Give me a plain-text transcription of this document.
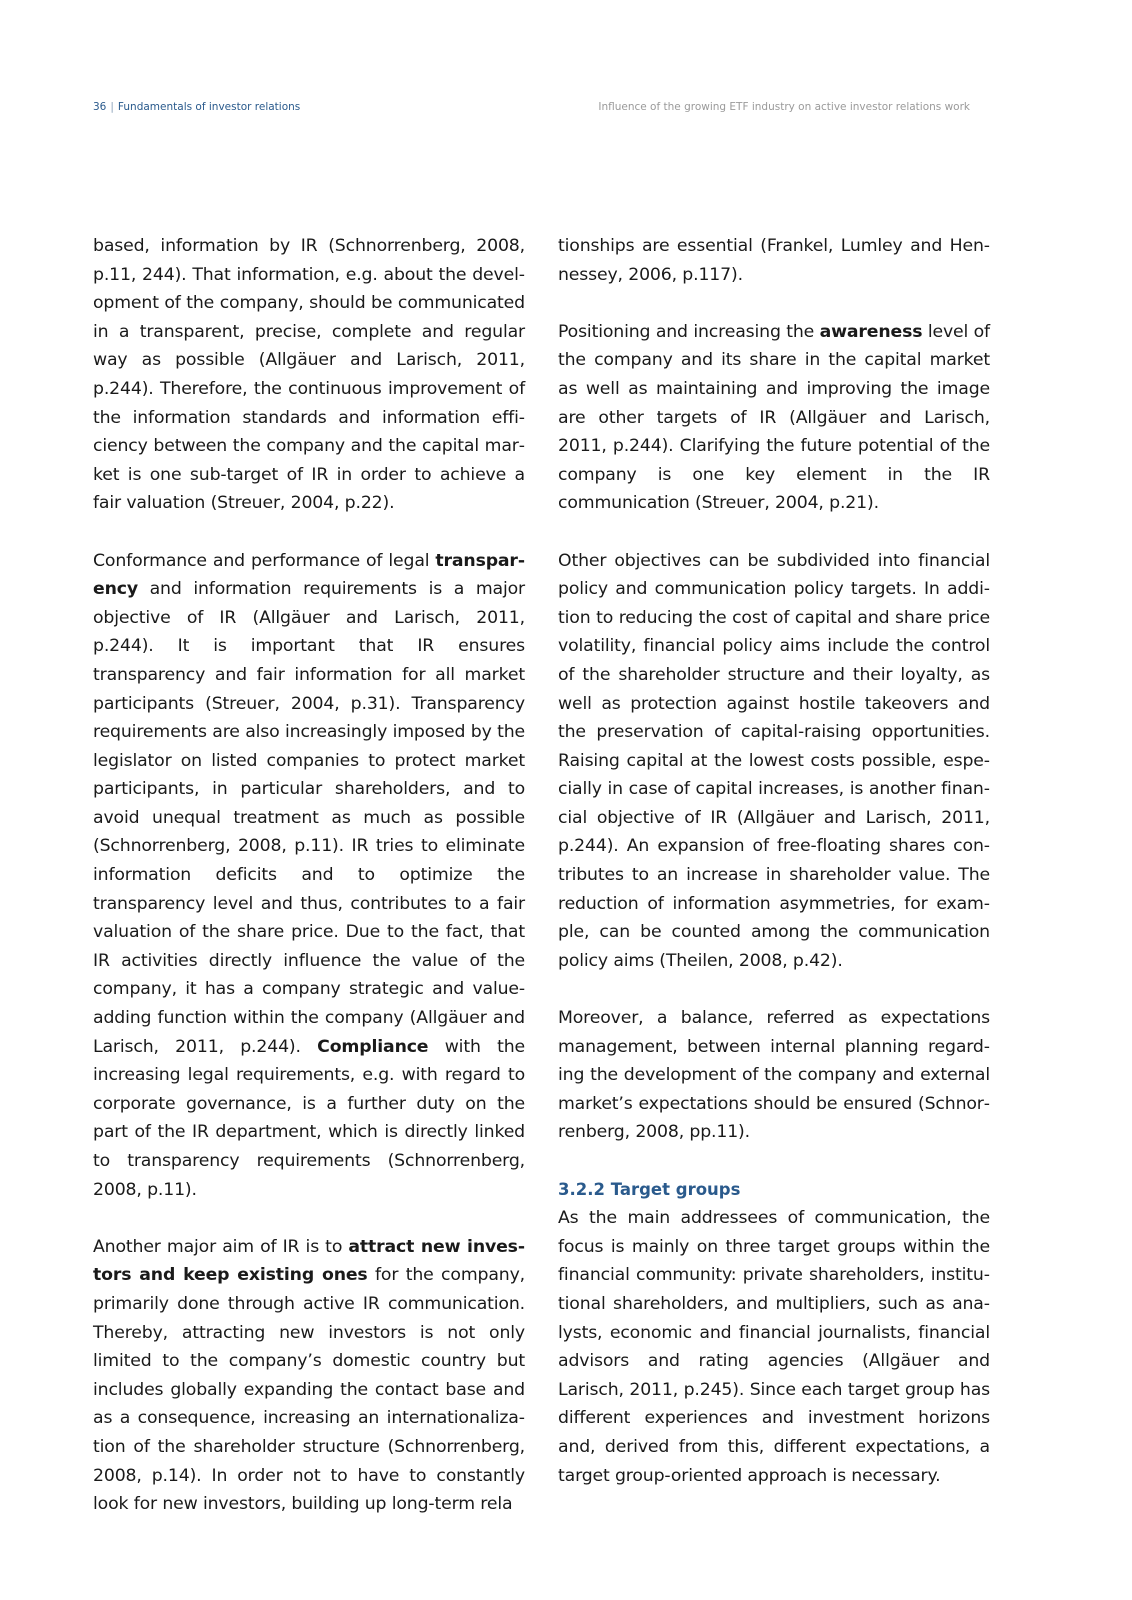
36 | Fundamentals of investor relations	Influence of the growing ETF industry on active investor relations work

based, information by IR (Schnorrenberg, 2008, p.11, 244). That information, e.g. about the development of the company, should be communicated in a transparent, precise, complete and regular way as possible (Allgäuer and Larisch, 2011, p.244). Therefore, the continuous improvement of the information standards and information efficiency between the company and the capital market is one sub-target of IR in order to achieve a fair valuation (Streuer, 2004, p.22).

Conformance and performance of legal transparency and information requirements is a major objective of IR (Allgäuer and Larisch, 2011, p.244). It is important that IR ensures transparency and fair information for all market participants (Streuer, 2004, p.31). Transparency requirements are also increasingly imposed by the legislator on listed companies to protect market participants, in particular shareholders, and to avoid unequal treatment as much as possible (Schnorrenberg, 2008, p.11). IR tries to eliminate information deficits and to optimize the transparency level and thus, contributes to a fair valuation of the share price. Due to the fact, that IR activities directly influence the value of the company, it has a company strategic and value-adding function within the company (Allgäuer and Larisch, 2011, p.244). Compliance with the increasing legal requirements, e.g. with regard to corporate governance, is a further duty on the part of the IR department, which is directly linked to transparency requirements (Schnorrenberg, 2008, p.11).

Another major aim of IR is to attract new investors and keep existing ones for the company, primarily done through active IR communication. Thereby, attracting new investors is not only limited to the company’s domestic country but includes globally expanding the contact base and as a consequence, increasing an internationalization of the shareholder structure (Schnorrenberg, 2008, p.14). In order not to have to constantly look for new investors, building up long-term rela

tionships are essential (Frankel, Lumley and Hennessey, 2006, p.117).

Positioning and increasing the awareness level of the company and its share in the capital market as well as maintaining and improving the image are other targets of IR (Allgäuer and Larisch, 2011, p.244). Clarifying the future potential of the company is one key element in the IR communication (Streuer, 2004, p.21).

Other objectives can be subdivided into financial policy and communication policy targets. In addition to reducing the cost of capital and share price volatility, financial policy aims include the control of the shareholder structure and their loyalty, as well as protection against hostile takeovers and the preservation of capital-raising opportunities. Raising capital at the lowest costs possible, especially in case of capital increases, is another financial objective of IR (Allgäuer and Larisch, 2011, p.244). An expansion of free-floating shares contributes to an increase in shareholder value. The reduction of information asymmetries, for example, can be counted among the communication policy aims (Theilen, 2008, p.42).

Moreover, a balance, referred as expectations management, between internal planning regarding the development of the company and external market’s expectations should be ensured (Schnorrenberg, 2008, pp.11).

3.2.2 Target groups

As the main addressees of communication, the focus is mainly on three target groups within the financial community: private shareholders, institutional shareholders, and multipliers, such as analysts, economic and financial journalists, financial advisors and rating agencies (Allgäuer and Larisch, 2011, p.245). Since each target group has different experiences and investment horizons and, derived from this, different expectations, a target group-oriented approach is necessary.
